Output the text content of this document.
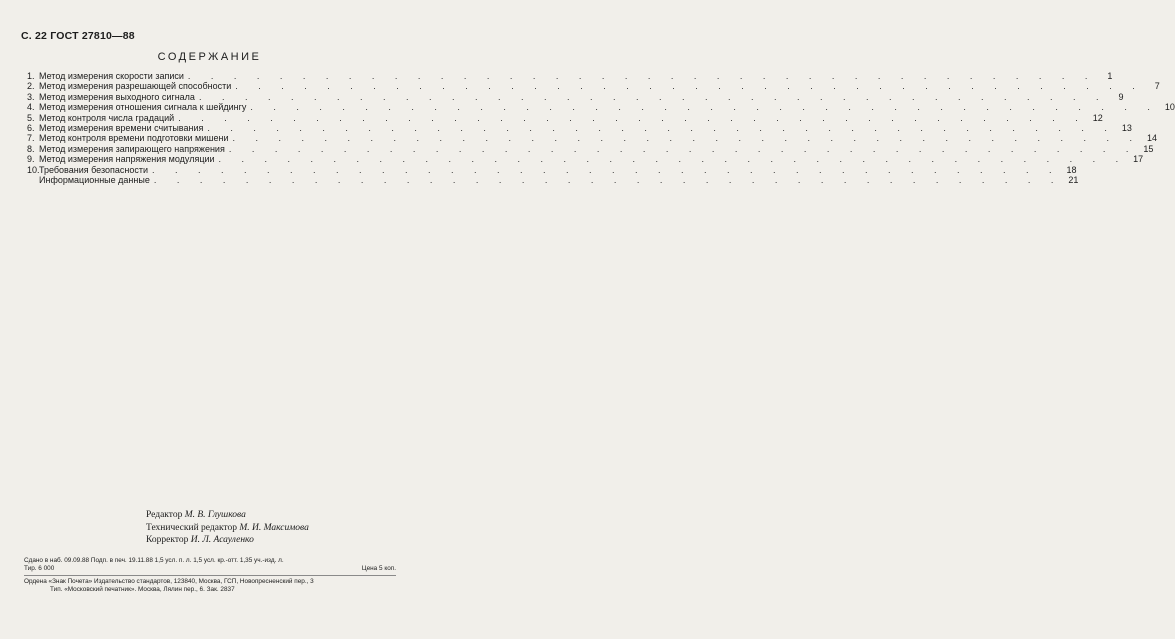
С. 22 ГОСТ 27810—88
СОДЕРЖАНИЕ
1. Метод измерения скорости записи . . .	1
2. Метод измерения разрешающей способности . . .	7
3. Метод измерения выходного сигнала . . .	9
4. Метод измерения отношения сигнала к шейдингу . . .	10
5. Метод контроля числа градаций . . .	12
6. Метод измерения времени считывания . . .	13
7. Метод контроля времени подготовки мишени . . .	14
8. Метод измерения запирающего напряжения . . .	15
9. Метод измерения напряжения модуляции . . .	17
10. Требования безопасности . . .	18
Информационные данные . . .	21
Редактор М. В. Глушкова
Технический редактор М. И. Максимова
Корректор И. Л. Асауленко
Сдано в наб. 09.09.88 Подп. в печ. 19.11.88 1,5 усл. п. л. 1,5 усл. кр.-отт. 1,35 уч.-изд. л.
Тир. 6 000	Цена 5 коп.
Ордена «Знак Почета» Издательство стандартов, 123840, Москва, ГСП, Новопресненский пер., 3
Тип. «Московский печатник». Москва, Лялин пер., 6. Зак. 2837
